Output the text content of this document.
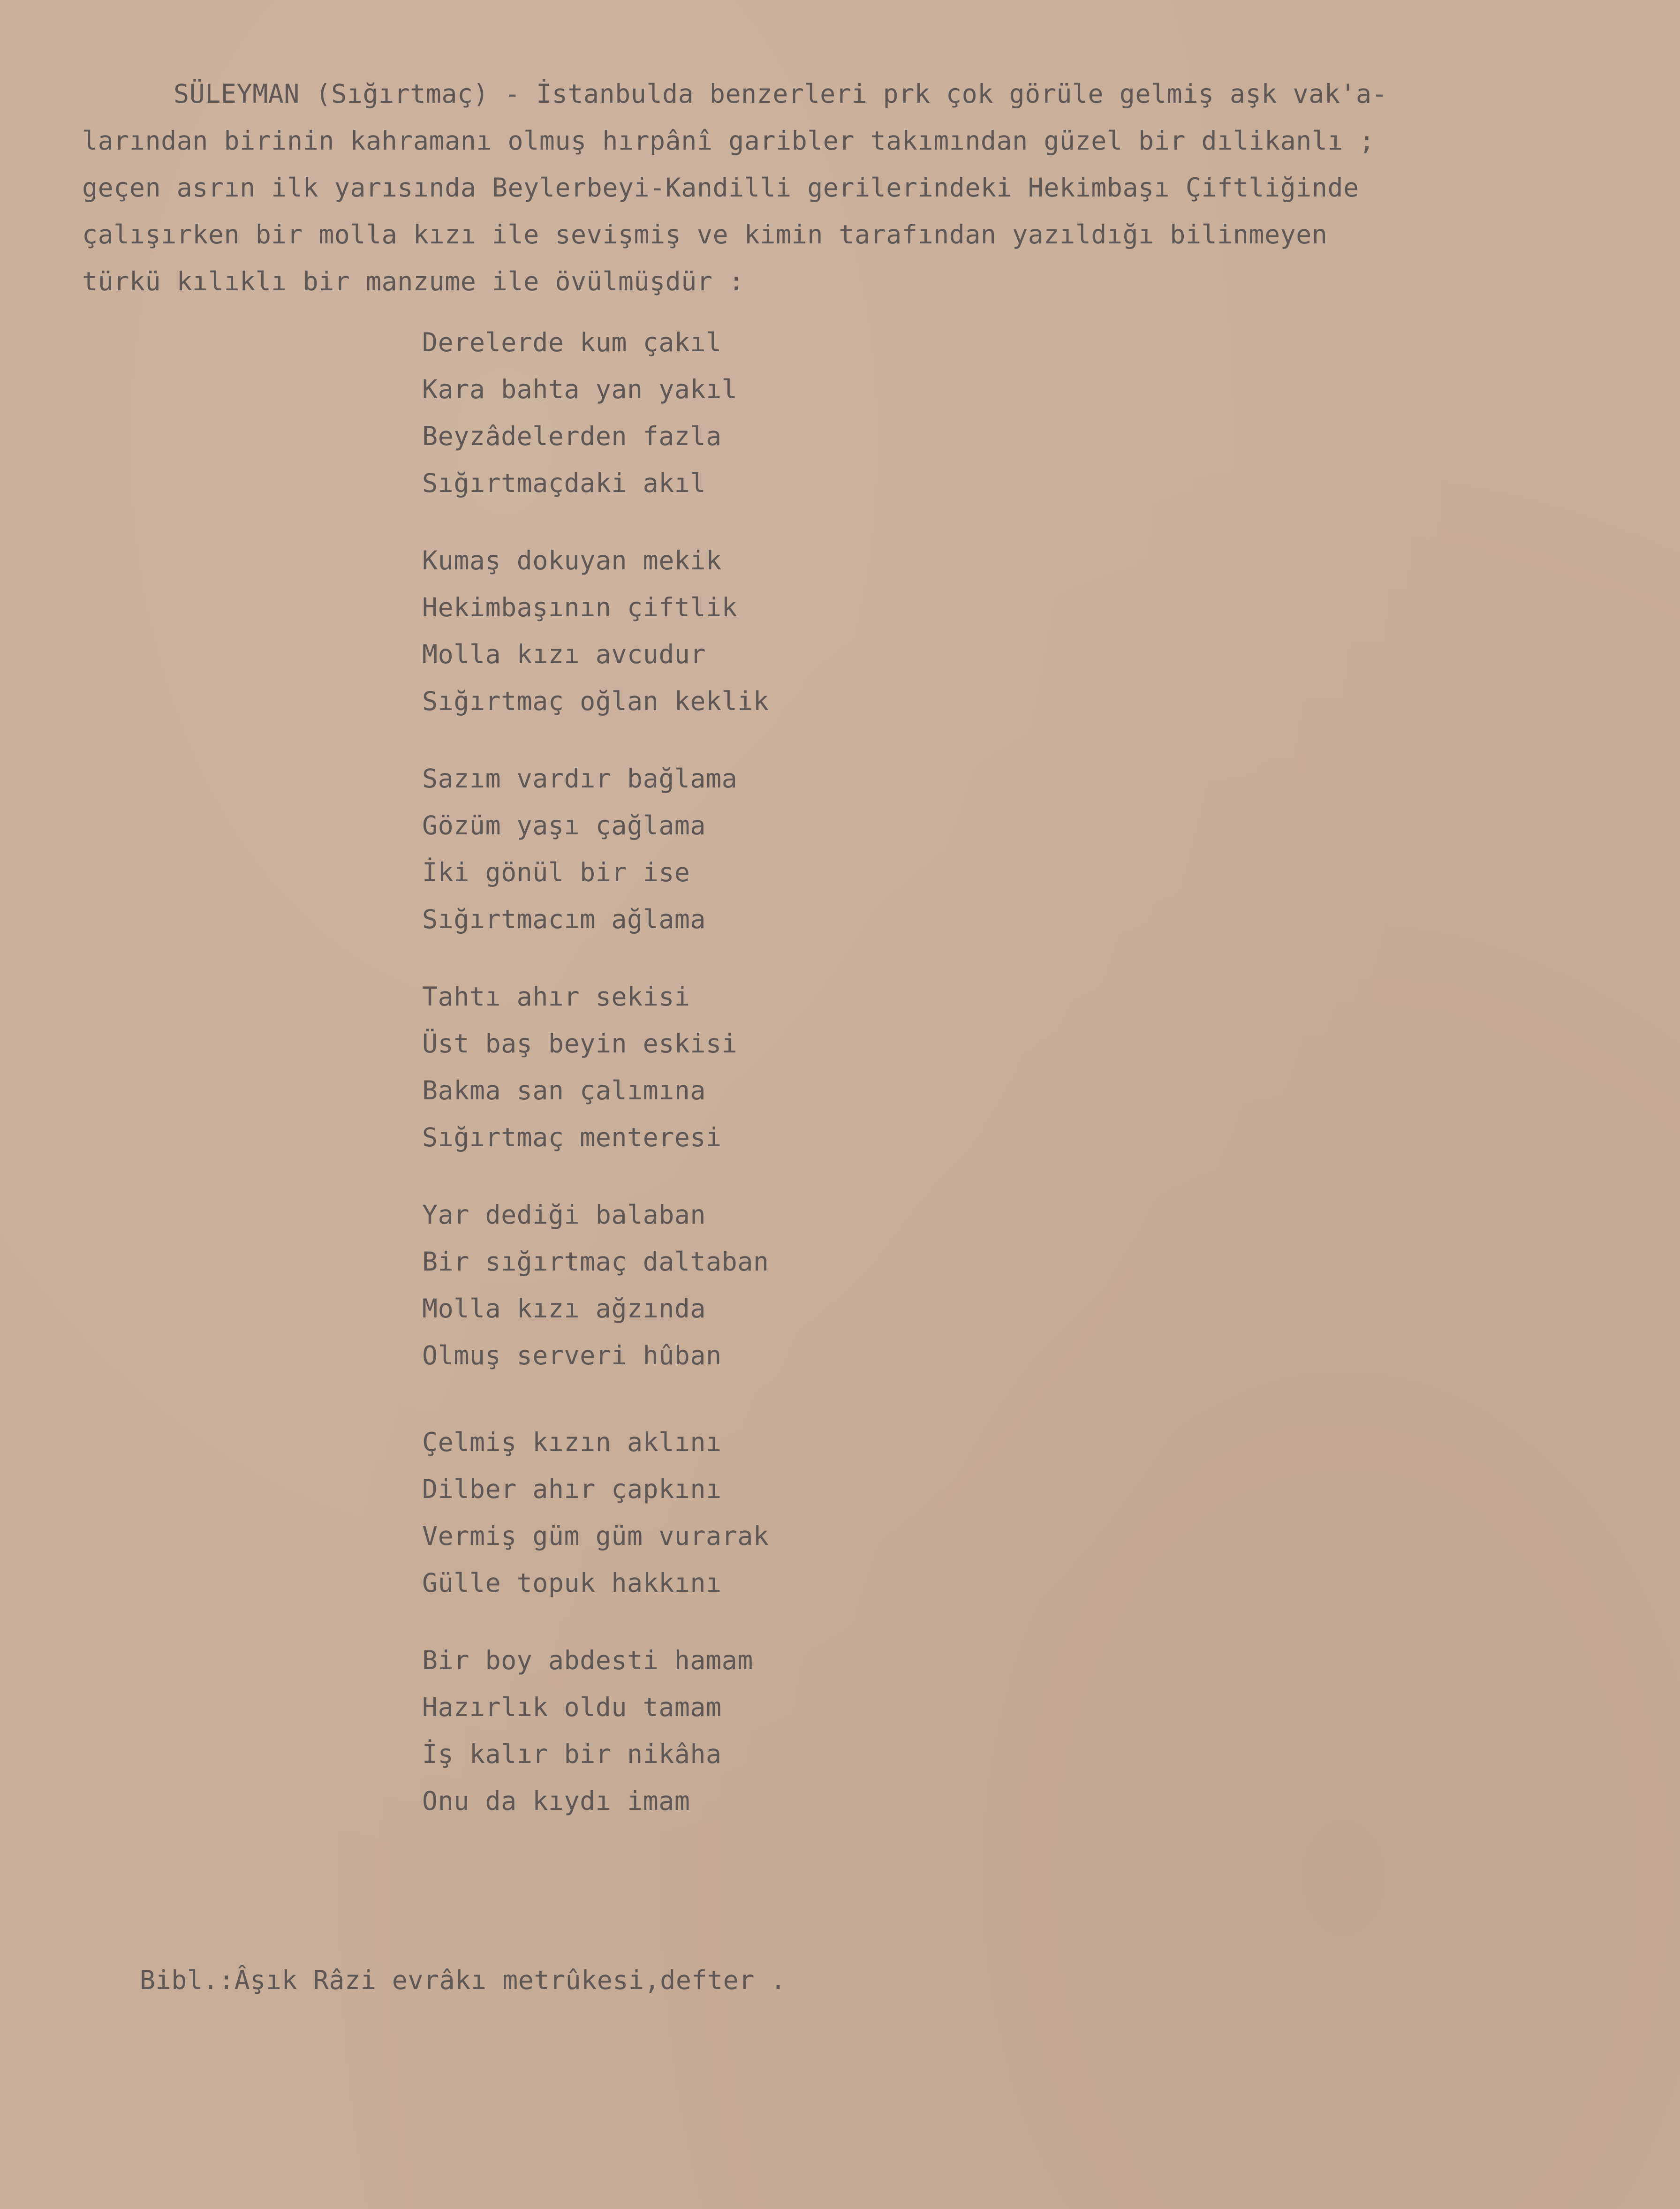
SÜLEYMAN (Sığırtmaç) - İstanbulda benzerleri prk çok görüle gelmiş aşk vak'a-
larından birinin kahramanı olmuş hırpânî garibler takımından güzel bir dılikanlı ;
geçen asrın ilk yarısında Beylerbeyi-Kandilli gerilerindeki Hekimbaşı Çiftliğinde
çalışırken bir molla kızı ile sevişmiş ve kimin tarafından yazıldığı bilinmeyen
türkü kılıklı bir manzume ile övülmüşdür :
Derelerde kum çakıl
Kara bahta yan yakıl
Beyzâdelerden fazla
Sığırtmaçdaki akıl
Kumaş dokuyan mekik
Hekimbaşının çiftlik
Molla kızı avcudur
Sığırtmaç oğlan keklik
Sazım vardır bağlama
Gözüm yaşı çağlama
İki gönül bir ise
Sığırtmacım ağlama
Tahtı ahır sekisi
Üst baş beyin eskisi
Bakma san çalımına
Sığırtmaç menteresi
Yar dediği balaban
Bir sığırtmaç daltaban
Molla kızı ağzında
Olmuş serveri hûban
Çelmiş kızın aklını
Dilber ahır çapkını
Vermiş güm güm vurarak
Gülle topuk hakkını
Bir boy abdesti hamam
Hazırlık oldu tamam
İş kalır bir nikâha
Onu da kıydı imam
Bibl.:Âşık Râzi evrâkı metrûkesi,defter .
